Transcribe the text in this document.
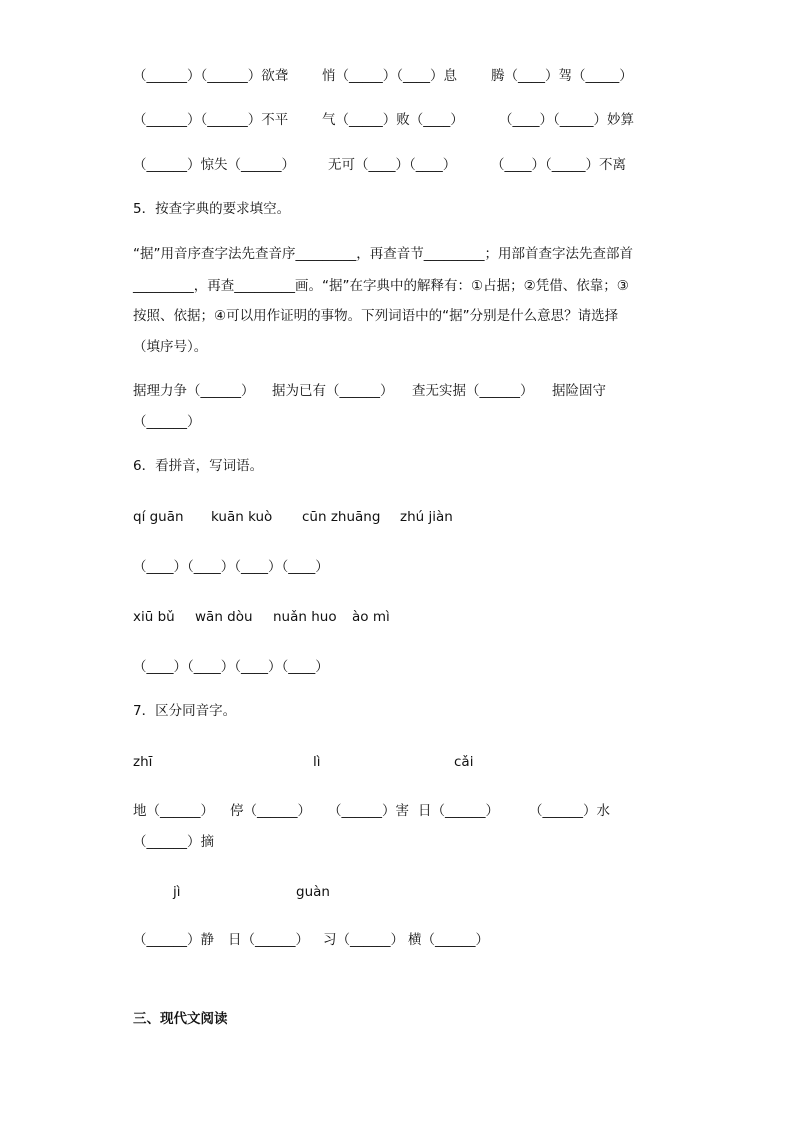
（______）（______）欲聋	悄（_____）（____）息	腾（____）驾（_____）
（______）（______）不平	气（_____）败（____）	（____）（_____）妙算
（______）惊失（______） 无可（____）（____）	（____）（_____）不离
5．按查字典的要求填空。
“据”用音序查字法先查音序_________，再查音节_________；用部首查字法先查部首
_________，再查_________画。“据”在字典中的解释有：①占据；②凭借、依靠；③
按照、依据；④可以用作证明的事物。下列词语中的“据”分别是什么意思？请选择
（填序号）。
据理力争（______） 据为已有（______） 查无实据（______） 据险固守
（______）
6．看拼音，写词语。
qí guān kuān kuò cūn zhuāng zhú jiàn
（____）（____）（____）（____）
xiū bǔ wān dòu nuǎn huo ào mì
（____）（____）（____）（____）
7．区分同音字。
zhī	lì	cǎi
地（______） 停（______） （______）害 日（______） （______）水
（______）摘
jì	guàn
（______）静 日（______） 习（______） 横（______）
三、现代文阅读
